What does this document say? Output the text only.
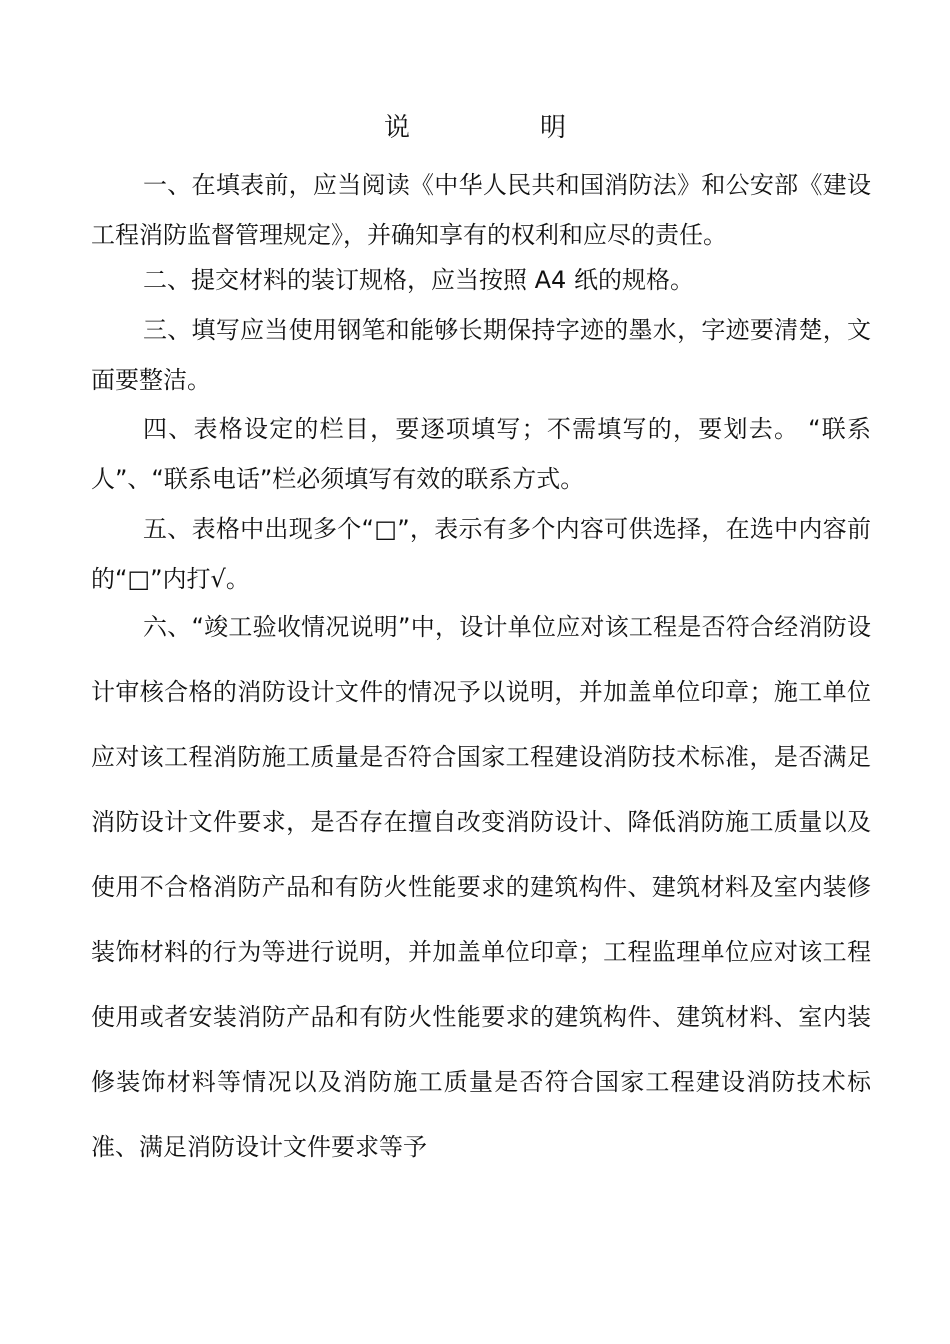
说　明

一、在填表前，应当阅读《中华人民共和国消防法》和公安部《建设工程消防监督管理规定》，并确知享有的权利和应尽的责任。

二、提交材料的装订规格，应当按照 A4 纸的规格。

三、填写应当使用钢笔和能够长期保持字迹的墨水，字迹要清楚，文面要整洁。

四、表格设定的栏目，要逐项填写；不需填写的，要划去。 “联系人”、“联系电话”栏必须填写有效的联系方式。

五、表格中出现多个“□”，表示有多个内容可供选择，在选中内容前的“□”内打√。

六、“竣工验收情况说明”中，设计单位应对该工程是否符合经消防设计审核合格的消防设计文件的情况予以说明，并加盖单位印章；施工单位应对该工程消防施工质量是否符合国家工程建设消防技术标准，是否满足消防设计文件要求，是否存在擅自改变消防设计、降低消防施工质量以及使用不合格消防产品和有防火性能要求的建筑构件、建筑材料及室内装修装饰材料的行为等进行说明，并加盖单位印章；工程监理单位应对该工程使用或者安装消防产品和有防火性能要求的建筑构件、建筑材料、室内装修装饰材料等情况以及消防施工质量是否符合国家工程建设消防技术标准、满足消防设计文件要求等予
